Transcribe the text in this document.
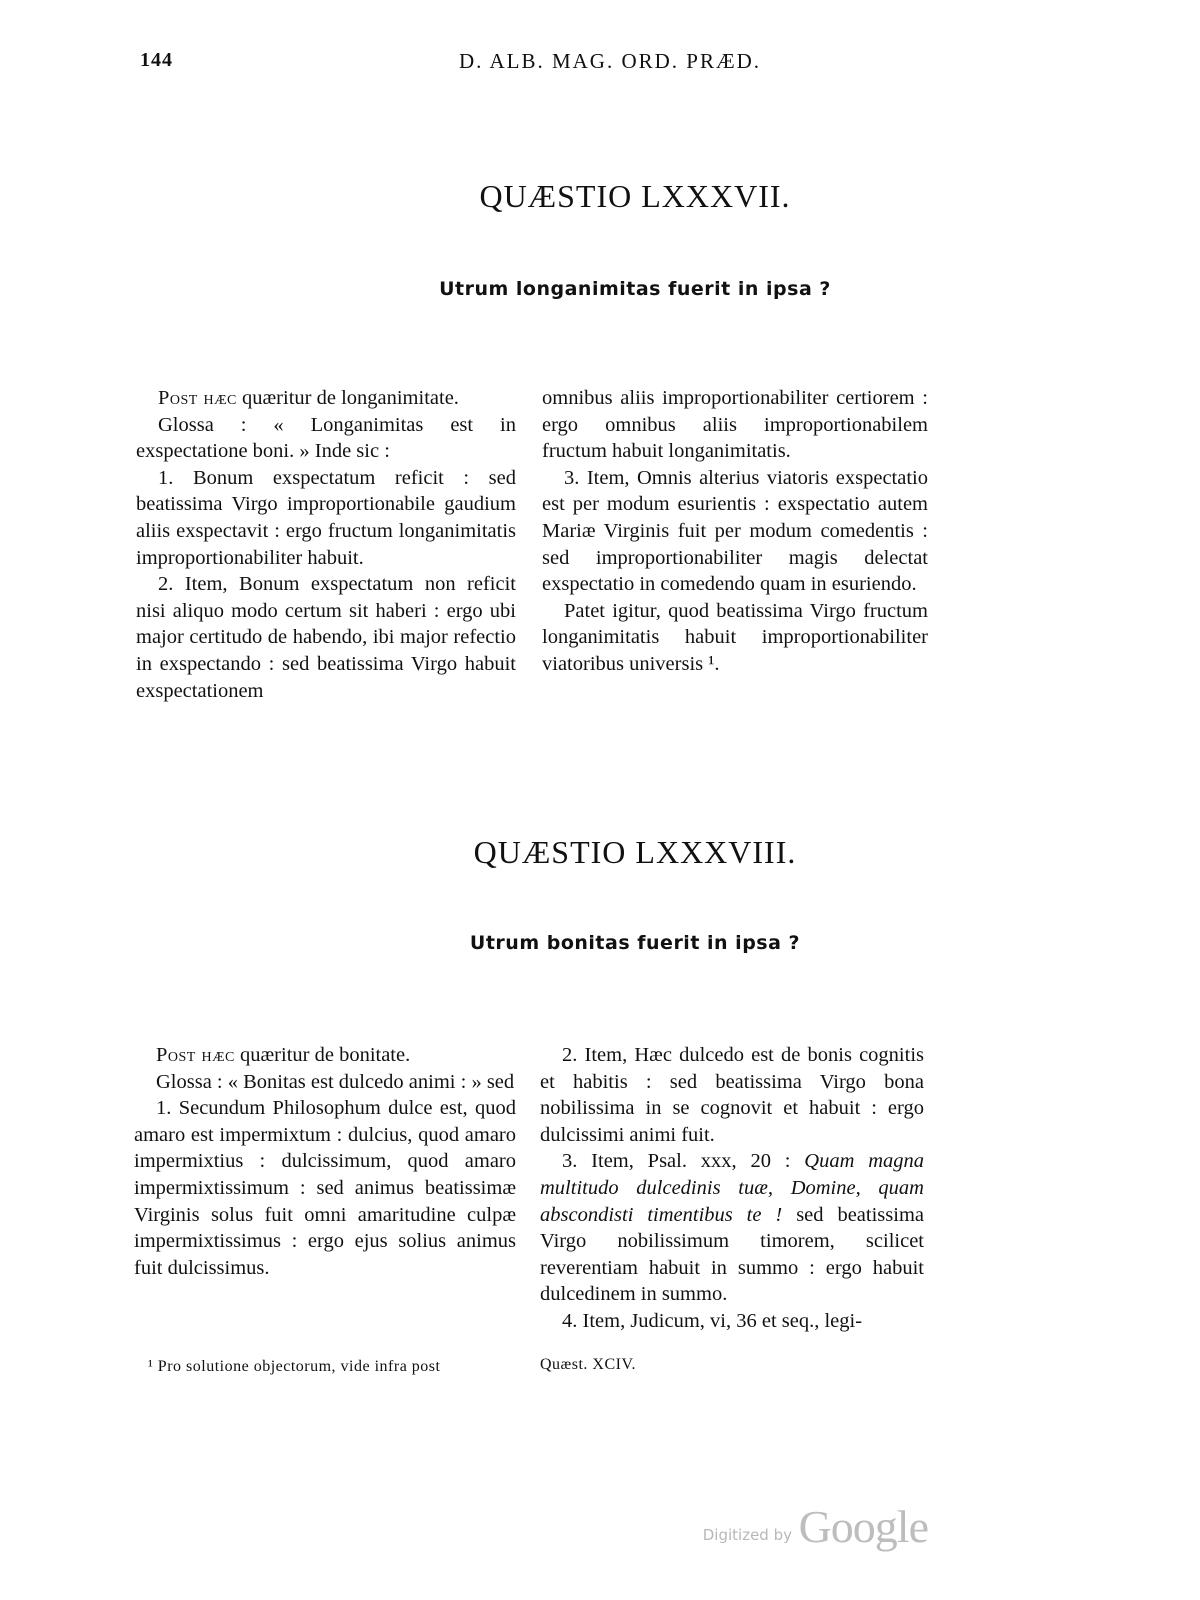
144	D. ALB. MAG. ORD. PRÆD.
QUÆSTIO LXXXVII.
Utrum longanimitas fuerit in ipsa ?

Post hæc quæritur de longanimitate.

Glossa : « Longanimitas est in exspectatione boni. » Inde sic :

1. Bonum exspectatum reficit : sed beatissima Virgo improportionabile gaudium aliis exspectavit : ergo fructum longanimitatis improportionabiliter habuit.

2. Item, Bonum exspectatum non reficit nisi aliquo modo certum sit haberi : ergo ubi major certitudo de habendo, ibi major refectio in exspectando : sed beatissima Virgo habuit exspectationem

omnibus aliis improportionabiliter certiorem : ergo omnibus aliis improportionabilem fructum habuit longanimitatis.

3. Item, Omnis alterius viatoris exspectatio est per modum esurientis : exspectatio autem Mariæ Virginis fuit per modum comedentis : sed improportionabiliter magis delectat exspectatio in comedendo quam in esuriendo.

Patet igitur, quod beatissima Virgo fructum longanimitatis habuit improportionabiliter viatoribus universis ¹.

QUÆSTIO LXXXVIII.
Utrum bonitas fuerit in ipsa ?

Post hæc quæritur de bonitate.

Glossa : « Bonitas est dulcedo animi : » sed

1. Secundum Philosophum dulce est, quod amaro est impermixtum : dulcius, quod amaro impermixtius : dulcissimum, quod amaro impermixtissimum : sed animus beatissimæ Virginis solus fuit omni amaritudine culpæ impermixtissimus : ergo ejus solius animus fuit dulcissimus.

2. Item, Hæc dulcedo est de bonis cognitis et habitis : sed beatissima Virgo bona nobilissima in se cognovit et habuit : ergo dulcissimi animi fuit.

3. Item, Psal. xxx, 20 : Quam magna multitudo dulcedinis tuæ, Domine, quam abscondisti timentibus te ! sed beatissima Virgo nobilissimum timorem, scilicet reverentiam habuit in summo : ergo habuit dulcedinem in summo.

4. Item, Judicum, vi, 36 et seq., legi-

¹ Pro solutione objectorum, vide infra post	Quæst. XCIV.
Digitized by Google
